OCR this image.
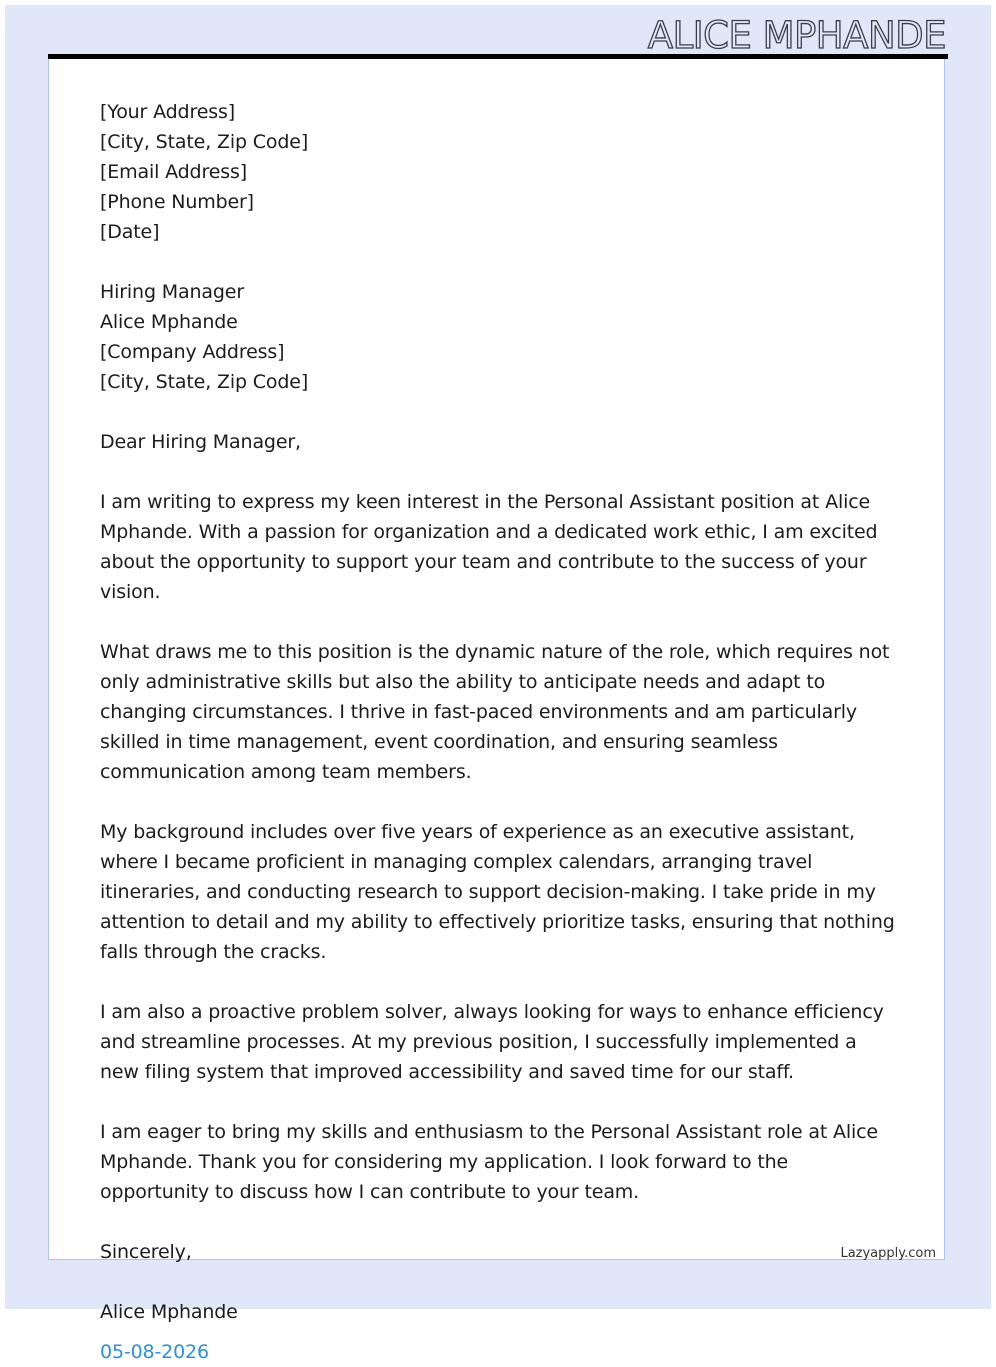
ALICE MPHANDE
[Your Address]
[City, State, Zip Code]
[Email Address]
[Phone Number]
[Date]
Hiring Manager
Alice Mphande
[Company Address]
[City, State, Zip Code]
Dear Hiring Manager,

I am writing to express my keen interest in the Personal Assistant position at Alice Mphande. With a passion for organization and a dedicated work ethic, I am excited about the opportunity to support your team and contribute to the success of your vision.

What draws me to this position is the dynamic nature of the role, which requires not only administrative skills but also the ability to anticipate needs and adapt to changing circumstances. I thrive in fast-paced environments and am particularly skilled in time management, event coordination, and ensuring seamless communication among team members.

My background includes over five years of experience as an executive assistant, where I became proficient in managing complex calendars, arranging travel itineraries, and conducting research to support decision-making. I take pride in my attention to detail and my ability to effectively prioritize tasks, ensuring that nothing falls through the cracks.

I am also a proactive problem solver, always looking for ways to enhance efficiency and streamline processes. At my previous position, I successfully implemented a new filing system that improved accessibility and saved time for our staff.

I am eager to bring my skills and enthusiasm to the Personal Assistant role at Alice Mphande. Thank you for considering my application. I look forward to the opportunity to discuss how I can contribute to your team.

Sincerely,
Alice Mphande
05-08-2026
Lazyapply.com
